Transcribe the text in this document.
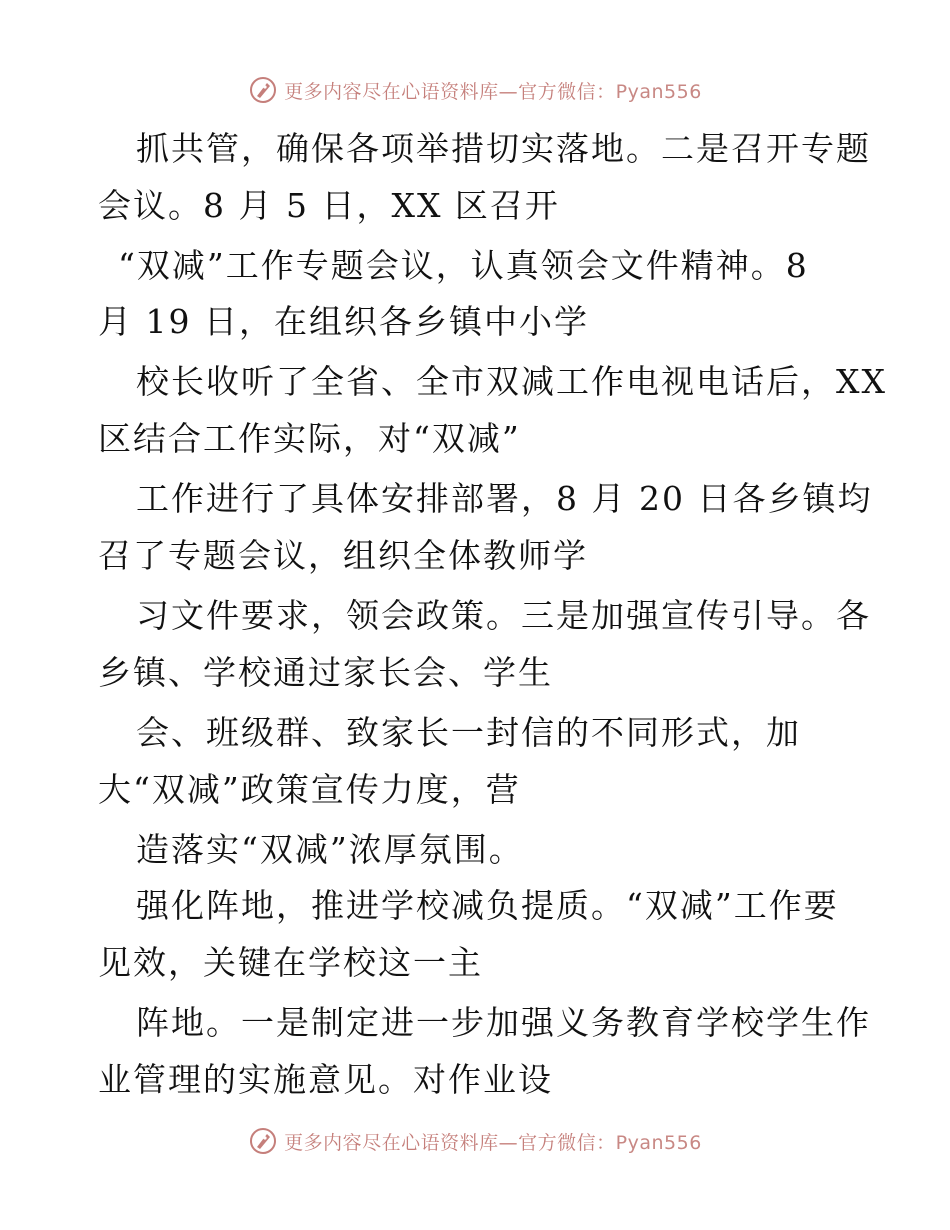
更多内容尽在心语资料库—官方微信：Pyan556
抓共管，确保各项举措切实落地。二是召开专题
会议。8 月 5 日，XX 区召开
“双减”工作专题会议，认真领会文件精神。8
月 19 日，在组织各乡镇中小学
校长收听了全省、全市双减工作电视电话后，XX
区结合工作实际，对“双减”
工作进行了具体安排部署，8 月 20 日各乡镇均
召了专题会议，组织全体教师学
习文件要求，领会政策。三是加强宣传引导。各
乡镇、学校通过家长会、学生
会、班级群、致家长一封信的不同形式，加
大“双减”政策宣传力度，营
造落实“双减”浓厚氛围。
强化阵地，推进学校减负提质。“双减”工作要
见效，关键在学校这一主
阵地。一是制定进一步加强义务教育学校学生作
业管理的实施意见。对作业设
更多内容尽在心语资料库—官方微信：Pyan556
